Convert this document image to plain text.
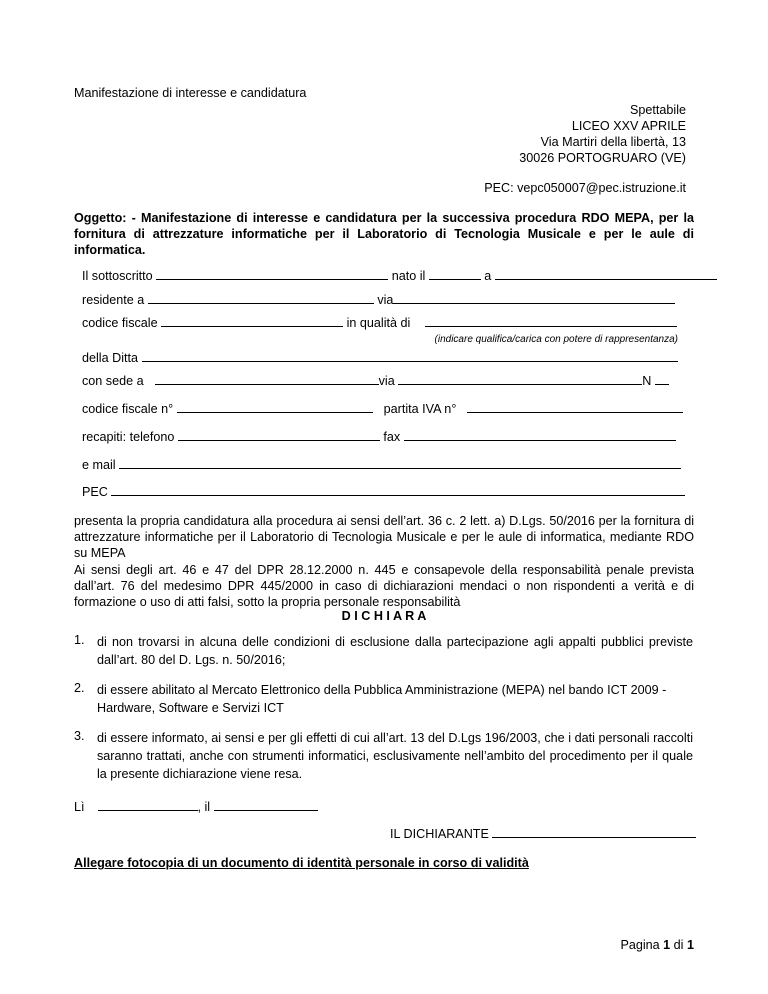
Manifestazione di interesse e candidatura
Spettabile
LICEO XXV APRILE
Via Martiri della libertà, 13
30026 PORTOGRUARO (VE)
PEC: vepc050007@pec.istruzione.it
Oggetto: - Manifestazione di interesse e candidatura per la successiva procedura RDO MEPA, per la fornitura di attrezzature informatiche per il Laboratorio di Tecnologia Musicale e per le aule di informatica.
Il sottoscritto	nato il	a
residente a	via
codice fiscale	in qualità di
(indicare qualifica/carica con potere di rappresentanza)
della Ditta
con sede a	via	N
codice fiscale n°	partita IVA n°
recapiti: telefono	fax
e mail
PEC
presenta la propria candidatura alla procedura ai sensi dell’art. 36 c. 2 lett. a) D.Lgs. 50/2016 per la fornitura di attrezzature informatiche per il Laboratorio di Tecnologia Musicale e per le aule di informatica, mediante RDO su MEPA
Ai sensi degli art. 46 e 47 del DPR 28.12.2000 n. 445 e consapevole della responsabilità penale prevista dall’art. 76 del medesimo DPR 445/2000 in caso di dichiarazioni mendaci o non rispondenti a verità e di formazione o uso di atti falsi, sotto la propria personale responsabilità
D I C H I A R A
1. di non trovarsi in alcuna delle condizioni di esclusione dalla partecipazione agli appalti pubblici previste dall’art. 80 del D. Lgs. n. 50/2016;
2. di essere abilitato al Mercato Elettronico della Pubblica Amministrazione (MEPA) nel bando ICT 2009 - Hardware, Software e Servizi ICT
3. di essere informato, ai sensi e per gli effetti di cui all’art. 13 del D.Lgs 196/2003, che i dati personali raccolti saranno trattati, anche con strumenti informatici, esclusivamente nell’ambito del procedimento per il quale la presente dichiarazione viene resa.
Lì	, il
IL DICHIARANTE
Allegare fotocopia di un documento di identità personale in corso di validità
Pagina 1 di 1
